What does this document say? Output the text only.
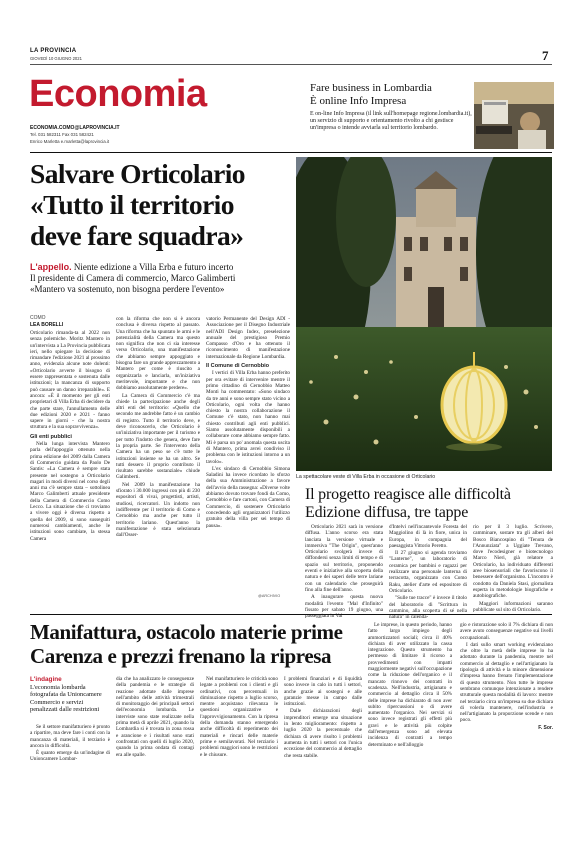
LA PROVINCIA
GIOVEDÌ 10 GIUGNO 2021	7
Economia
ECONOMIA.COMO@LAPROVINCIA.IT
Tel. 031 582311 Fax 031 582421
Enrico Marletta e.marletta@laprovincia.it
Fare business in Lombardia
È online Info Impresa
E on-line Info Impresa (il link sull'homepage regione.lombardia.it), un servizio di supporto e orientamento rivolto a chi gestisce un'impresa o intende avviarla sul territorio lombardo.
Salvare Orticolario
«Tutto il territorio
deve fare squadra»
L'appello. Niente edizione a Villa Erba e futuro incerto
Il presidente di Camera di commercio, Marco Galimberti
«Mantero va sostenuto, non bisogna perdere l'evento»
La spettacolare veste di Villa Erba in occasione di Orticolario
COMO
LEA BORELLI

Orticolario rimanda-ta al 2022 non senza polemiche. Moritz Mantero in un'intervista a La Provincia pubblicata ieri, nello spiegare la decisione di rimandare l'edizione 2021 al prossimo anno, evidenzia alcune note dolenti: «Orticolario avverte il bisogno di essere rappresentata e sostenuta dalle istituzioni; la mancanza di supporto può causare un danno irreparabile». E ancora: «È il momento per gli enti proprietari di Villa Erba di decidere da che parte stare, l'annullamento delle due edizioni 2020 e 2021 - fanno sapere in giorni - che la nostra struttura e la sua sopravvivenza».

Gli enti pubblici

Nella lunga intervista Mantero parla dell'appoggio ottenuto nella prima edizione del 2009 dalla Camera di Commercio guidata da Paolo De Santis: «La Camera è sempre stata presente nel sostegno a Orticolario magari in modi diversi nel corso degli anni ma c'è sempre stata – sottolinea Marco Galimberti attuale presidente della Camera di Commercio Como Lecco. La situazione che ci troviamo a vivere oggi è diversa rispetto a quella del 2009, si sono susseguiti numerosi cambiamenti, anche le istituzioni sono cambiate, la stessa Camera

con la riforma che non si è ancora conclusa è diversa rispetto al passato. Una riforma che ha spuntato le armi e le potenzialità della Camera ma questo non significa che non ci sia interesse verso Orticolario, una manifestazione che abbiamo sempre appoggiato e bisogna fare un grande apprezzamento a Mantero per come è riuscito a organizzarla e lanciarla, un'iniziativa meritevole, importante e che non dobbiamo assolutamente perdere».

La Camera di Commercio c'è ma chiede la partecipazione anche degli altri enti del territorio: «Quello che secondo me andrebbe fatto è un cambio di registro. Tutto il territorio deve, e deve riconoscerlo, che Orticolario è un'iniziativa importante per il turismo e per tutto l'indotto che genera, deve fare la propria parte. Se l'intervento della Camera ha un peso se c'è tutte le istituzioni insieme se ha un altro. Se tutti dessero il proprio contributo il risultato sarebbe sostanziale» chiude Galimberti.

Nel 2009 la manifestazione ha sfiorato i 30.000 ingressi con più di 230 espositori di vivai, progettisti, artisti, studiosi, ricercatori. Un indotto non indifferente per il territorio di Como e Cernobbio ma anche per tutto il territorio lariano. Quest'anno la manifestazione è stata selezionata dall'Osser-

vatorio Permanente del Design ADI - Associazione per il Disegno Industriale nell'ADI Design Index, preselezione annuale del prestigioso Premio Compasso d'Oro e ha ottenuto il riconoscimento di manifestazione internazionale da Regione Lombardia.

Il Comune di Cernobbio

I vertici di Villa Erba hanno preferito per ora evitare di intervenire mentre il primo cittadino di Cernobbio Matteo Monti ha commentato: «Sono sindaco da tre anni e sono sempre stato vicino a Orticolario, ogni volta che hanno chiesto la nostra collaborazione il Comune c'è stato, non hanno mai chiesto contributi agli enti pubblici. Siamo assolutamente disponibili a collaborare come abbiamo sempre fatto. Mi è parsa un po' anomala questa uscita di Mantero, prima avrei condiviso il problema con le istituzioni intorno a un tavolo».

L'ex sindaco di Cernobbio Simona Saladini ha invece ricordato lo sforzo della sua Amministrazione a favore dell'avvio della rassegna: «Diverse volte abbiamo dovuto trovare fondi da Como, Cernobbio e fare cartoni, con Camera di Commercio, di sostenere Orticolario concedendo agli organizzatori l'utilizzo gratuito della villa per sei tempo di pausa».

@ARCHIVIO
Il progetto reagisce alle difficoltà
Edizione diffusa, tre tappe

Orticolario 2021 sarà in versione diffusa. L'anno scorso era stata lanciata la versione virtuale e immersiva "The Origin", quest'anno Orticolario svolgerà invece di diffondersi senza limiti di tempo e di spazio sul territorio, proponendo eventi e iniziative alla scoperta della natura e dei saperi delle terre lariane con un calendario che proseguirà fino alla fine dell'anno.

A inaugurare questa nuova modalità l'evento "Mal d'Infinito" fissato per sabato 19 giugno, una passeggiata in Val

d'Intelvi nell'incantevole Foresta del Maggiolino di là in fiore, unica in Europa, in compagnia del paesaggista Vittorio Peretto.

Il 27 giugno si agenda troviamo "Lanterne", un laboratorio di ceramica per bambini e ragazzi per realizzare una personale lanterna di terracotta, organizzato con Como Raku, atelier d'arte ed espositore di Orticolario.

"Sulle tue tracce" è invece il titolo del laboratorio di "Scrittura in cammino, alla scoperta di sé nella natura" in calenda-

rio per il 3 luglio. Scrivere, camminare, sostare tra gli alberi del Bosco Biancospino di "Tenuta de l'Annunziata" a Uggiate Trevano, dove l'ecodesigner e biotecnologo Marco Nieri, già relatore a Orticolario, ha individuato differenti aree biosensoriali che favoriscono il benessere dell'organismo. L'incontro è condotto da Daniela Stasi, giornalista esperta in metodologie biografiche e autobiografiche.

Maggiori informazioni saranno pubblicate sul sito di Orticolario.

Manifattura, ostacolo materie prime
Carenza e prezzi frenano la ripresa
L'indagine
L'economia lombarda
fotografata da Unioncamere
Commercio e servizi
penalizzati dalle restrizioni

Se il settore manifatturiero è pronto a ripartire, ma deve fare i conti con la mancanza di materiali, il terziario è ancora in difficoltà.

È quanto emerge da un'indagine di Unioncamere Lombar-

dia che ha analizzato le conseguenze della pandemia e le strategie di reazione adottate dalle imprese nell'ambito delle attività trimestrali di monitoraggio dei principali settori dell'economia lombarda. Le interviste sono state realizzate nella prima metà di aprile 2021, quando la Lombardia si è trovata in zona rossa e arancione e i risultati sono stati confrontati con quelli di luglio 2020, quando la prima ondata di contagi era alle spalle.

Nel manifatturiero le criticità sono legate a problemi con i clienti e gli ordinativi, con percentuali in diminuzione rispetto a luglio scorso, mentre acquistano rilevanza le questioni organizzative e l'approvvigionamento. Con la ripresa della domanda stanno emergendo anche difficoltà di reperimento dei materiali e rincari delle materie prime e semilavorati. Nel terziario i problemi maggiori sono le restrizioni e le chiusure.

I problemi finanziari e di liquidità sono invece in calo in tutti i settori, anche grazie ai sostegni e alle garanzie messe in campo dalle istituzioni.

Dalle dichiarazioni degli imprenditori emerge una situazione in lento miglioramento: rispetto a luglio 2020 la percentuale che dichiara di avere risolto i problemi aumenta in tutti i settori con l'unica eccezione del commercio al dettaglio che resta stabile.

Le imprese, in questo periodo, hanno fatto largo impiego degli ammortizzatori sociali; circa il 40% dichiara di aver utilizzato la cassa integrazione. Questo strumento ha permesso di limitare il ricorso a provvedimenti con impatti maggiormente negativi sull'occupazione come la riduzione dell'organico e il mancato rinnovo dei contratti in scadenza. Nell'industria, artigianato e commercio al dettaglio circa il 50% delle imprese ha dichiarato di non aver subito ripercussioni o di avere aumentato l'organico. Nei servizi si sono invece registrati gli effetti più gravi e le attività più colpite dall'emergenza sono ad elevata incidenza di contratti a tempo determinato e nell'alloggio

gio e ristorazione solo il 7% dichiara di non avere avuto conseguenze negative sui livelli occupazionali.

I dati sullo smart working evidenziano che oltre la metà delle imprese lo ha adottato durante la pandemia, mentre nel commercio al dettaglio e nell'artigianato la tipologia di attività e la minore dimensione d'impresa hanno frenato l'implementazione di questo strumento. Non tutte le imprese sembrano comunque intenzionate a rendere strutturale questa modalità di lavoro: mentre nel terziario circa un'impresa su due dichiara di volerla mantenere, nell'industria e nell'artigianato la proporzione scende e non poco.

F. Sor.
